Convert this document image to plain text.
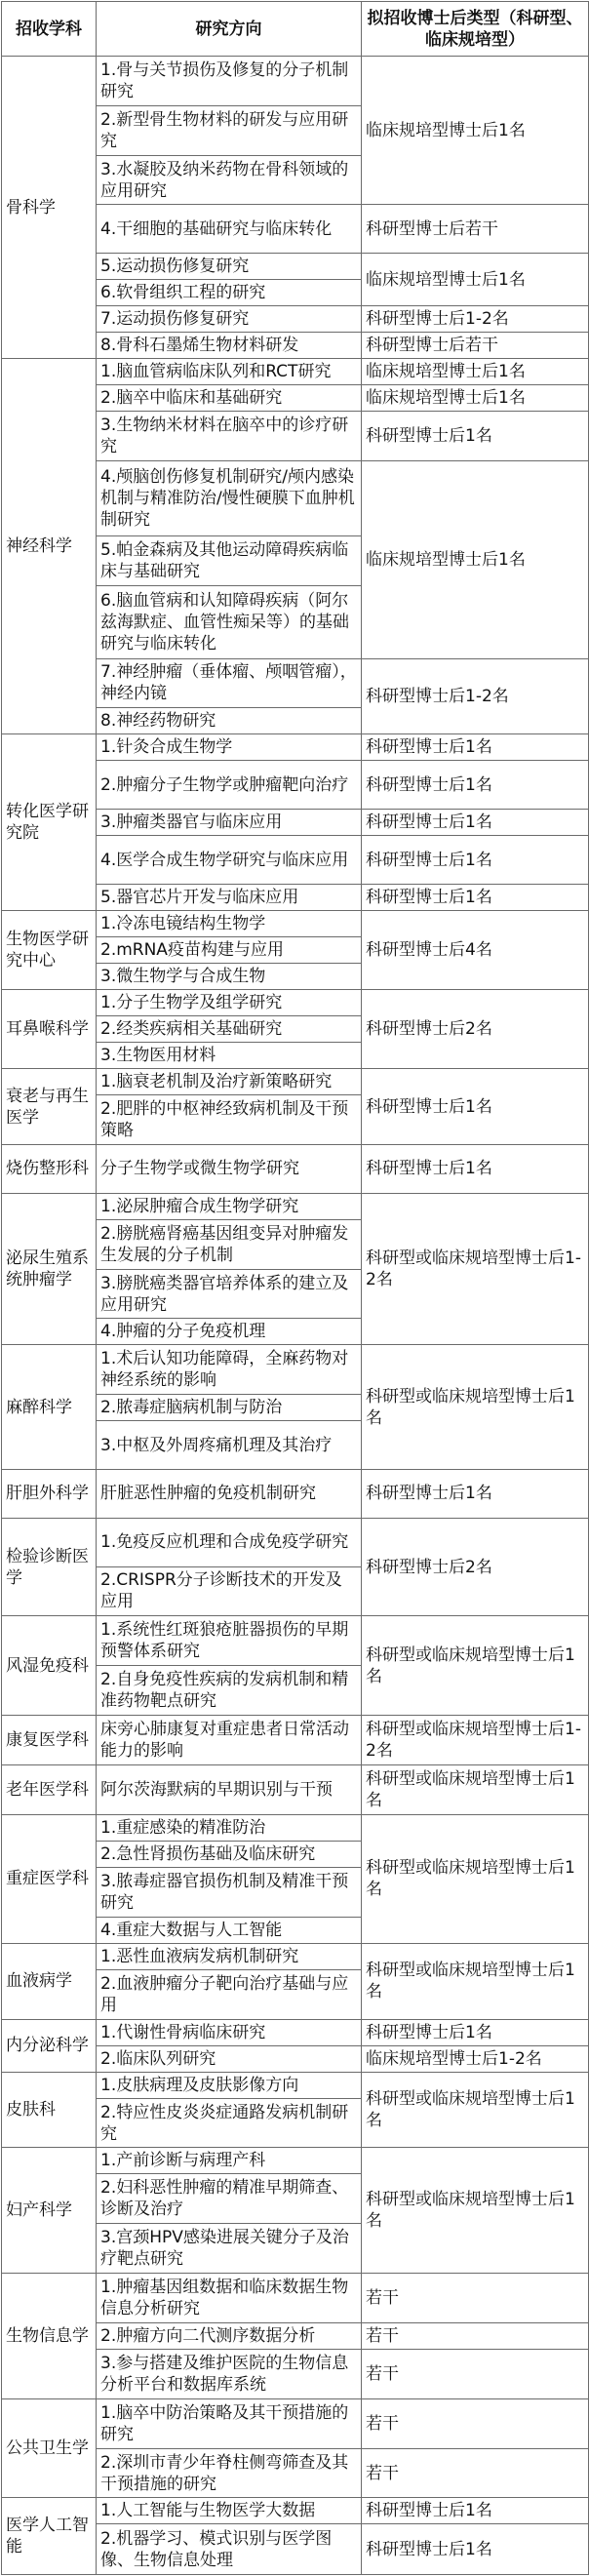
招收学科	研究方向	拟招收博士后类型（科研型、临床规培型）
骨科学	1.骨与关节损伤及修复的分子机制研究	临床规培型博士后1名
	2.新型骨生物材料的研发与应用研究	
	3.水凝胶及纳米药物在骨科领域的应用研究	
	4.干细胞的基础研究与临床转化	科研型博士后若干
	5.运动损伤修复研究	临床规培型博士后1名
	6.软骨组织工程的研究	
	7.运动损伤修复研究	科研型博士后1-2名
	8.骨科石墨烯生物材料研发	科研型博士后若干
神经科学	1.脑血管病临床队列和RCT研究	临床规培型博士后1名
	2.脑卒中临床和基础研究	临床规培型博士后1名
	3.生物纳米材料在脑卒中的诊疗研究	科研型博士后1名
	4.颅脑创伤修复机制研究/颅内感染机制与精准防治/慢性硬膜下血肿机制研究	临床规培型博士后1名
	5.帕金森病及其他运动障碍疾病临床与基础研究	
	6.脑血管病和认知障碍疾病（阿尔兹海默症、血管性痴呆等）的基础研究与临床转化	
	7.神经肿瘤（垂体瘤、颅咽管瘤），神经内镜	科研型博士后1-2名
	8.神经药物研究	
转化医学研究院	1.针灸合成生物学	科研型博士后1名
	2.肿瘤分子生物学或肿瘤靶向治疗	科研型博士后1名
	3.肿瘤类器官与临床应用	科研型博士后1名
	4.医学合成生物学研究与临床应用	科研型博士后1名
	5.器官芯片开发与临床应用	科研型博士后1名
生物医学研究中心	1.冷冻电镜结构生物学	科研型博士后4名
	2.mRNA疫苗构建与应用	
	3.微生物学与合成生物	
耳鼻喉科学	1.分子生物学及组学研究	科研型博士后2名
	2.经类疾病相关基础研究	
	3.生物医用材料	
衰老与再生医学	1.脑衰老机制及治疗新策略研究	科研型博士后1名
	2.肥胖的中枢神经致病机制及干预策略	
烧伤整形科	分子生物学或微生物学研究	科研型博士后1名
泌尿生殖系统肿瘤学	1.泌尿肿瘤合成生物学研究	科研型或临床规培型博士后1-2名
	2.膀胱癌肾癌基因组变异对肿瘤发生发展的分子机制	
	3.膀胱癌类器官培养体系的建立及应用研究	
	4.肿瘤的分子免疫机理	
麻醉科学	1.术后认知功能障碍，全麻药物对神经系统的影响	科研型或临床规培型博士后1名
	2.脓毒症脑病机制与防治	
	3.中枢及外周疼痛机理及其治疗	
肝胆外科学	肝脏恶性肿瘤的免疫机制研究	科研型博士后1名
检验诊断医学	1.免疫反应机理和合成免疫学研究	科研型博士后2名
	2.CRISPR分子诊断技术的开发及应用	
风湿免疫科	1.系统性红斑狼疮脏器损伤的早期预警体系研究	科研型或临床规培型博士后1名
	2.自身免疫性疾病的发病机制和精准药物靶点研究	
康复医学科	床旁心肺康复对重症患者日常活动能力的影响	科研型或临床规培型博士后1-2名
老年医学科	阿尔茨海默病的早期识别与干预	科研型或临床规培型博士后1名
重症医学科	1.重症感染的精准防治	科研型或临床规培型博士后1名
	2.急性肾损伤基础及临床研究	
	3.脓毒症器官损伤机制及精准干预研究	
	4.重症大数据与人工智能	
血液病学	1.恶性血液病发病机制研究	科研型或临床规培型博士后1名
	2.血液肿瘤分子靶向治疗基础与应用	
内分泌科学	1.代谢性骨病临床研究	科研型博士后1名
	2.临床队列研究	临床规培型博士后1-2名
皮肤科	1.皮肤病理及皮肤影像方向	科研型或临床规培型博士后1名
	2.特应性皮炎炎症通路发病机制研究	
妇产科学	1.产前诊断与病理产科	科研型或临床规培型博士后1名
	2.妇科恶性肿瘤的精准早期筛查、诊断及治疗	
	3.宫颈HPV感染进展关键分子及治疗靶点研究	
生物信息学	1.肿瘤基因组数据和临床数据生物信息分析研究	若干
	2.肿瘤方向二代测序数据分析	若干
	3.参与搭建及维护医院的生物信息分析平台和数据库系统	若干
公共卫生学	1.脑卒中防治策略及其干预措施的研究	若干
	2.深圳市青少年脊柱侧弯筛查及其干预措施的研究	若干
医学人工智能	1.人工智能与生物医学大数据	科研型博士后1名
	2.机器学习、模式识别与医学图像、生物信息处理	科研型博士后1名
